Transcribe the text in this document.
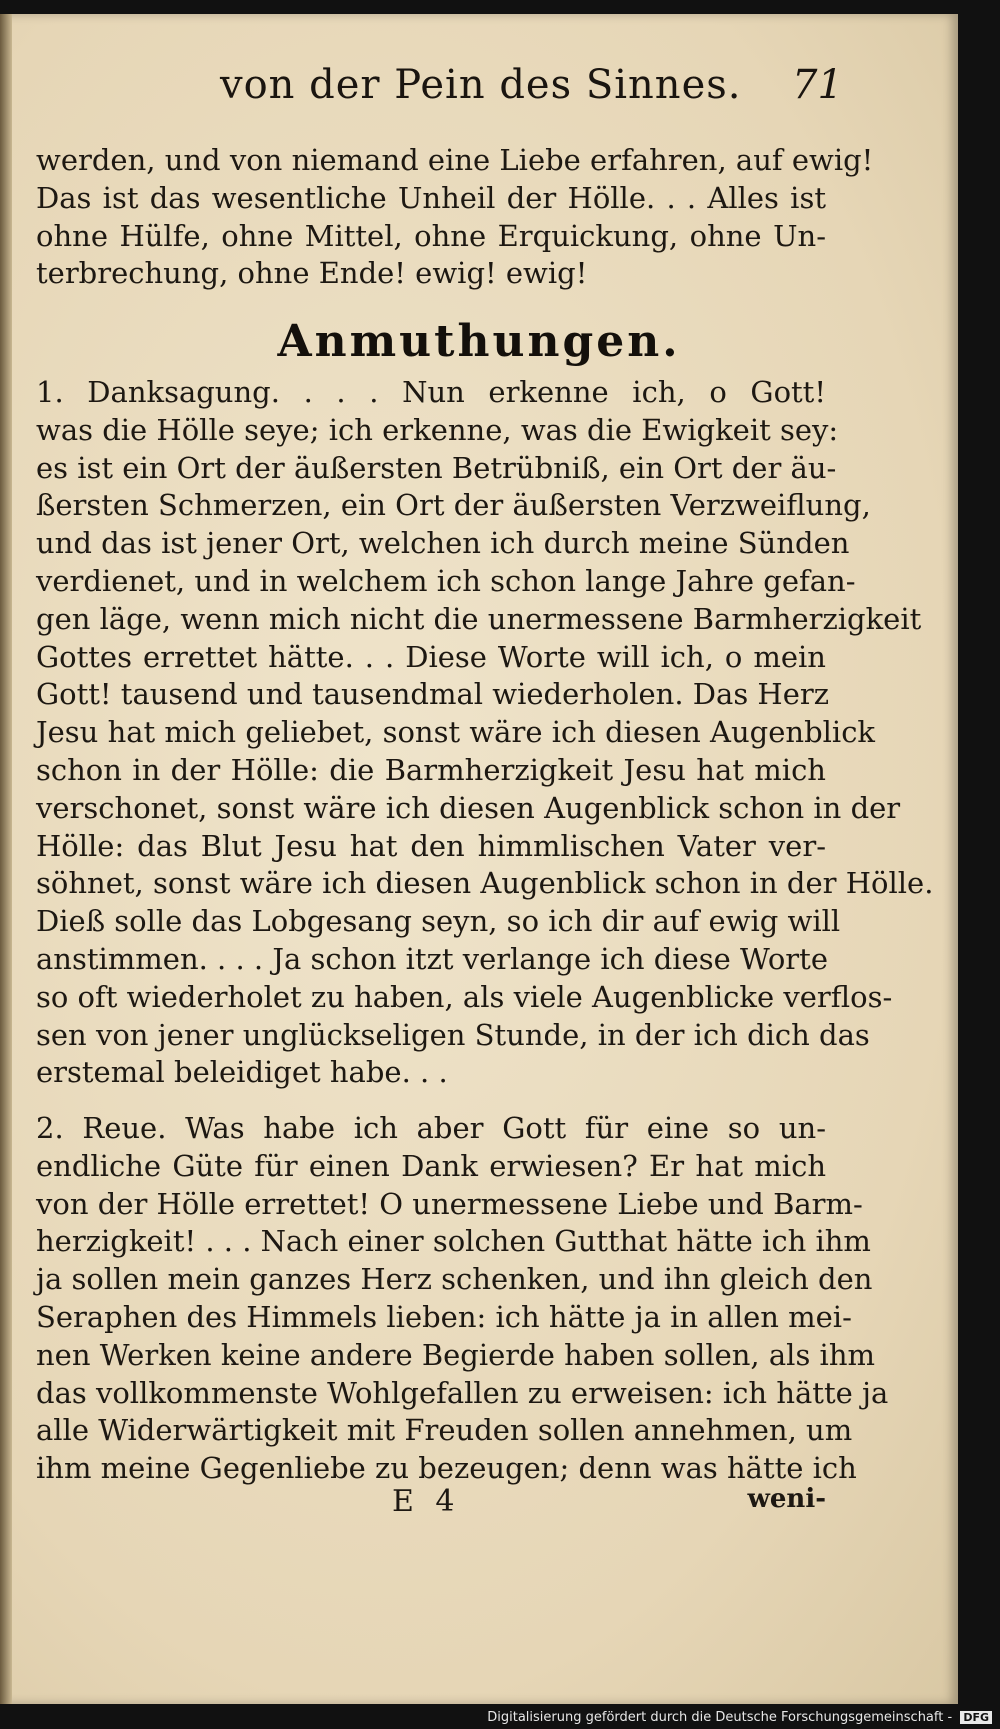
von der Pein des Sinnes. 71
werden, und von niemand eine Liebe erfahren, auf ewig!
Das ist das wesentliche Unheil der Hölle. . . Alles ist
ohne Hülfe, ohne Mittel, ohne Erquickung, ohne Un-
terbrechung, ohne Ende! ewig! ewig!
Anmuthungen.
1. Danksagung. . . . Nun erkenne ich, o Gott!
was die Hölle seye; ich erkenne, was die Ewigkeit sey:
es ist ein Ort der äußersten Betrübniß, ein Ort der äu-
ßersten Schmerzen, ein Ort der äußersten Verzweiflung,
und das ist jener Ort, welchen ich durch meine Sünden
verdienet, und in welchem ich schon lange Jahre gefan-
gen läge, wenn mich nicht die unermessene Barmherzigkeit
Gottes errettet hätte. . . Diese Worte will ich, o mein
Gott! tausend und tausendmal wiederholen. Das Herz
Jesu hat mich geliebet, sonst wäre ich diesen Augenblick
schon in der Hölle: die Barmherzigkeit Jesu hat mich
verschonet, sonst wäre ich diesen Augenblick schon in der
Hölle: das Blut Jesu hat den himmlischen Vater ver-
söhnet, sonst wäre ich diesen Augenblick schon in der Hölle.
Dieß solle das Lobgesang seyn, so ich dir auf ewig will
anstimmen. . . . Ja schon itzt verlange ich diese Worte
so oft wiederholet zu haben, als viele Augenblicke verflos-
sen von jener unglückseligen Stunde, in der ich dich das
erstemal beleidiget habe. . .
2. Reue. Was habe ich aber Gott für eine so un-
endliche Güte für einen Dank erwiesen? Er hat mich
von der Hölle errettet! O unermessene Liebe und Barm-
herzigkeit! . . . Nach einer solchen Gutthat hätte ich ihm
ja sollen mein ganzes Herz schenken, und ihn gleich den
Seraphen des Himmels lieben: ich hätte ja in allen mei-
nen Werken keine andere Begierde haben sollen, als ihm
das vollkommenste Wohlgefallen zu erweisen: ich hätte ja
alle Widerwärtigkeit mit Freuden sollen annehmen, um
ihm meine Gegenliebe zu bezeugen; denn was hätte ich
E 4	weni-
Digitalisierung gefördert durch die Deutsche Forschungsgemeinschaft - DFG
